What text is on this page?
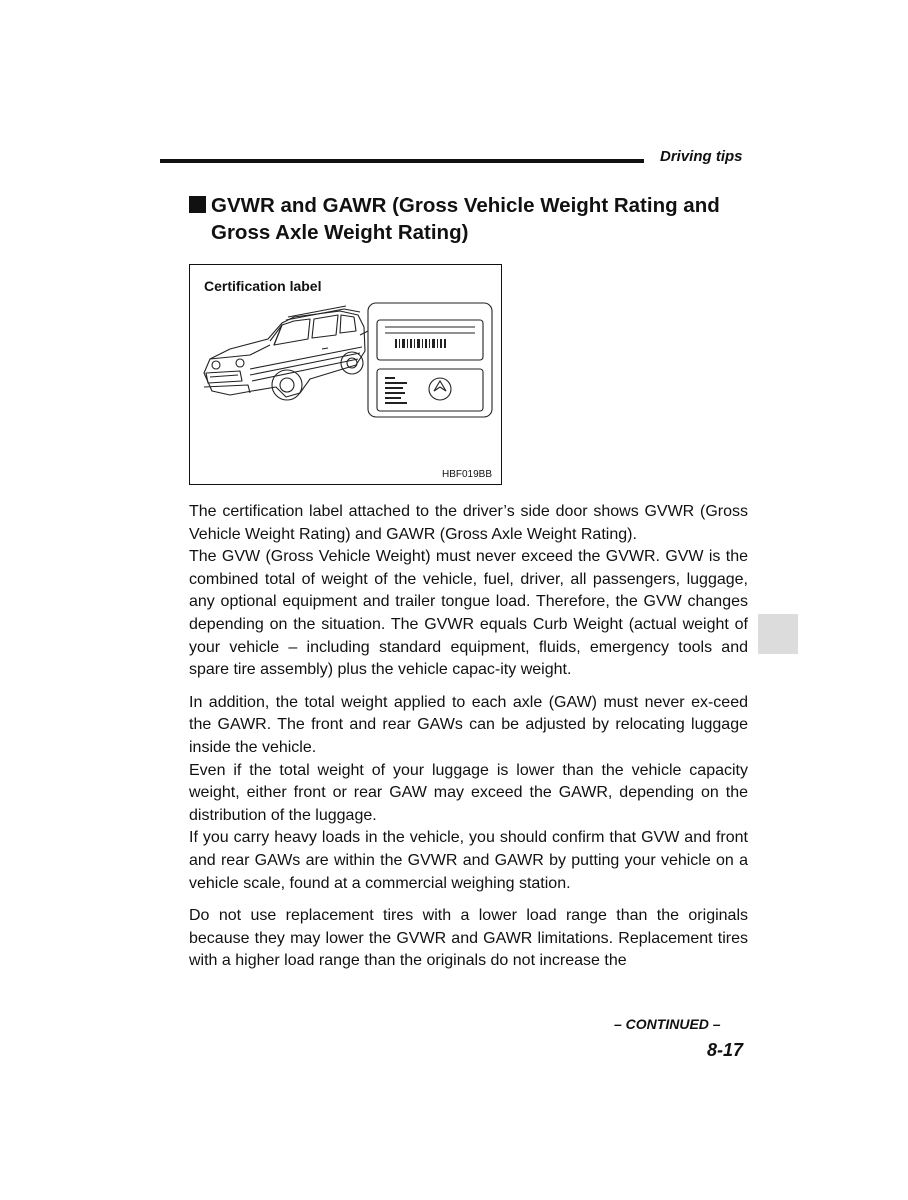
Driving tips
GVWR and GAWR (Gross Vehicle Weight Rating and
Gross Axle Weight Rating)
Certification label
HBF019BB

The certification label attached to the driver’s side door shows GVWR (Gross Vehicle Weight Rating) and GAWR (Gross Axle Weight Rating).

The GVW (Gross Vehicle Weight) must never exceed the GVWR. GVW is the combined total of weight of the vehicle, fuel, driver, all passengers, luggage, any optional equipment and trailer tongue load. Therefore, the GVW changes depending on the situation. The GVWR equals Curb Weight (actual weight of your vehicle – including standard equipment, fluids, emergency tools and spare tire assembly) plus the vehicle capac-ity weight.

In addition, the total weight applied to each axle (GAW) must never ex-ceed the GAWR. The front and rear GAWs can be adjusted by relocating luggage inside the vehicle.

Even if the total weight of your luggage is lower than the vehicle capacity weight, either front or rear GAW may exceed the GAWR, depending on the distribution of the luggage.

If you carry heavy loads in the vehicle, you should confirm that GVW and front and rear GAWs are within the GVWR and GAWR by putting your vehicle on a vehicle scale, found at a commercial weighing station.

Do not use replacement tires with a lower load range than the originals because they may lower the GVWR and GAWR limitations. Replacement tires with a higher load range than the originals do not increase the

– CONTINUED –
8-17
